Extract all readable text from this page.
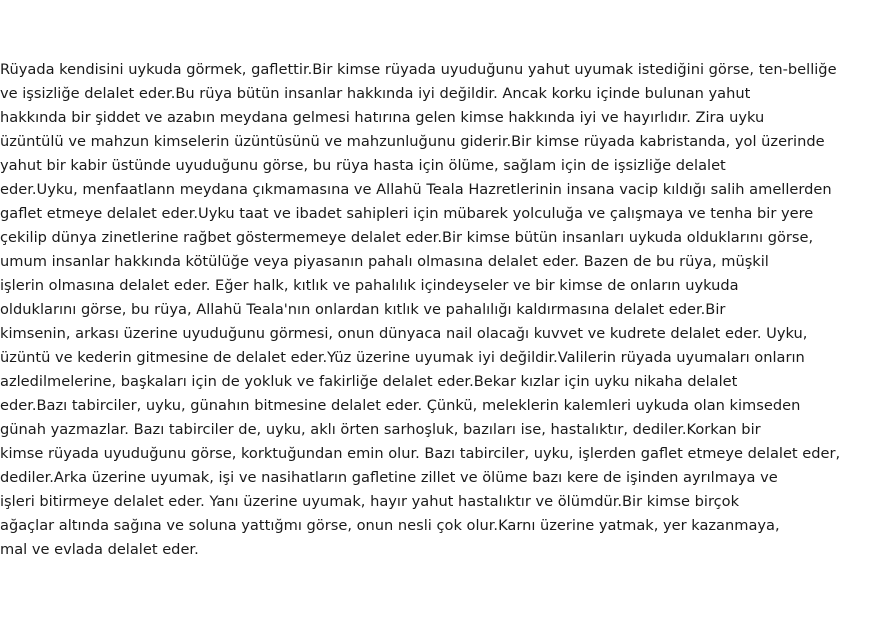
Rüyada kendisini uykuda görmek, gaflettir.Bir kimse rüyada uyuduğunu yahut uyumak istediğini görse, ten-belliğe
ve işsizliğe delalet eder.Bu rüya bütün insanlar hakkında iyi değildir. Ancak korku içinde bulunan yahut
hakkında bir şiddet ve azabın meydana gelmesi hatırına gelen kimse hakkında iyi ve hayırlıdır. Zira uyku
üzüntülü ve mahzun kimselerin üzüntüsünü ve mahzunluğunu giderir.Bir kimse rüyada kabristanda, yol üzerinde
yahut bir kabir üstünde uyuduğunu görse, bu rüya hasta için ölüme, sağlam için de işsizliğe delalet
eder.Uyku, menfaatlann meydana çıkmamasına ve Allahü Teala Hazretlerinin insana vacip kıldığı salih amellerden
gaflet etmeye delalet eder.Uyku taat ve ibadet sahipleri için mübarek yolculuğa ve çalışmaya ve tenha bir yere
çekilip dünya zinetlerine rağbet göstermemeye delalet eder.Bir kimse bütün insanları uykuda olduklarını görse,
umum insanlar hakkında kötülüğe veya piyasanın pahalı olmasına delalet eder. Bazen de bu rüya, müşkil
işlerin olmasına delalet eder. Eğer halk, kıtlık ve pahalılık içindeyseler ve bir kimse de onların uykuda
olduklarını görse, bu rüya, Allahü Teala'nın onlardan kıtlık ve pahalılığı kaldırmasına delalet eder.Bir
kimsenin, arkası üzerine uyuduğunu görmesi, onun dünyaca nail olacağı kuvvet ve kudrete delalet eder. Uyku,
üzüntü ve kederin gitmesine de delalet eder.Yüz üzerine uyumak iyi değildir.Valilerin rüyada uyumaları onların
azledilmelerine, başkaları için de yokluk ve fakirliğe delalet eder.Bekar kızlar için uyku nikaha delalet
eder.Bazı tabirciler, uyku, günahın bitmesine delalet eder. Çünkü, meleklerin kalemleri uykuda olan kimseden
günah yazmazlar. Bazı tabirciler de, uyku, aklı örten sarhoşluk, bazıları ise, hastalıktır, dediler.Korkan bir
kimse rüyada uyuduğunu görse, korktuğundan emin olur. Bazı tabirciler, uyku, işlerden gaflet etmeye delalet eder,
dediler.Arka üzerine uyumak, işi ve nasihatların gafletine zillet ve ölüme bazı kere de işinden ayrılmaya ve
işleri bitirmeye delalet eder. Yanı üzerine uyumak, hayır yahut hastalıktır ve ölümdür.Bir kimse birçok
ağaçlar altında sağına ve soluna yattığmı görse, onun nesli çok olur.Karnı üzerine yatmak, yer kazanmaya,
mal ve evlada delalet eder.
